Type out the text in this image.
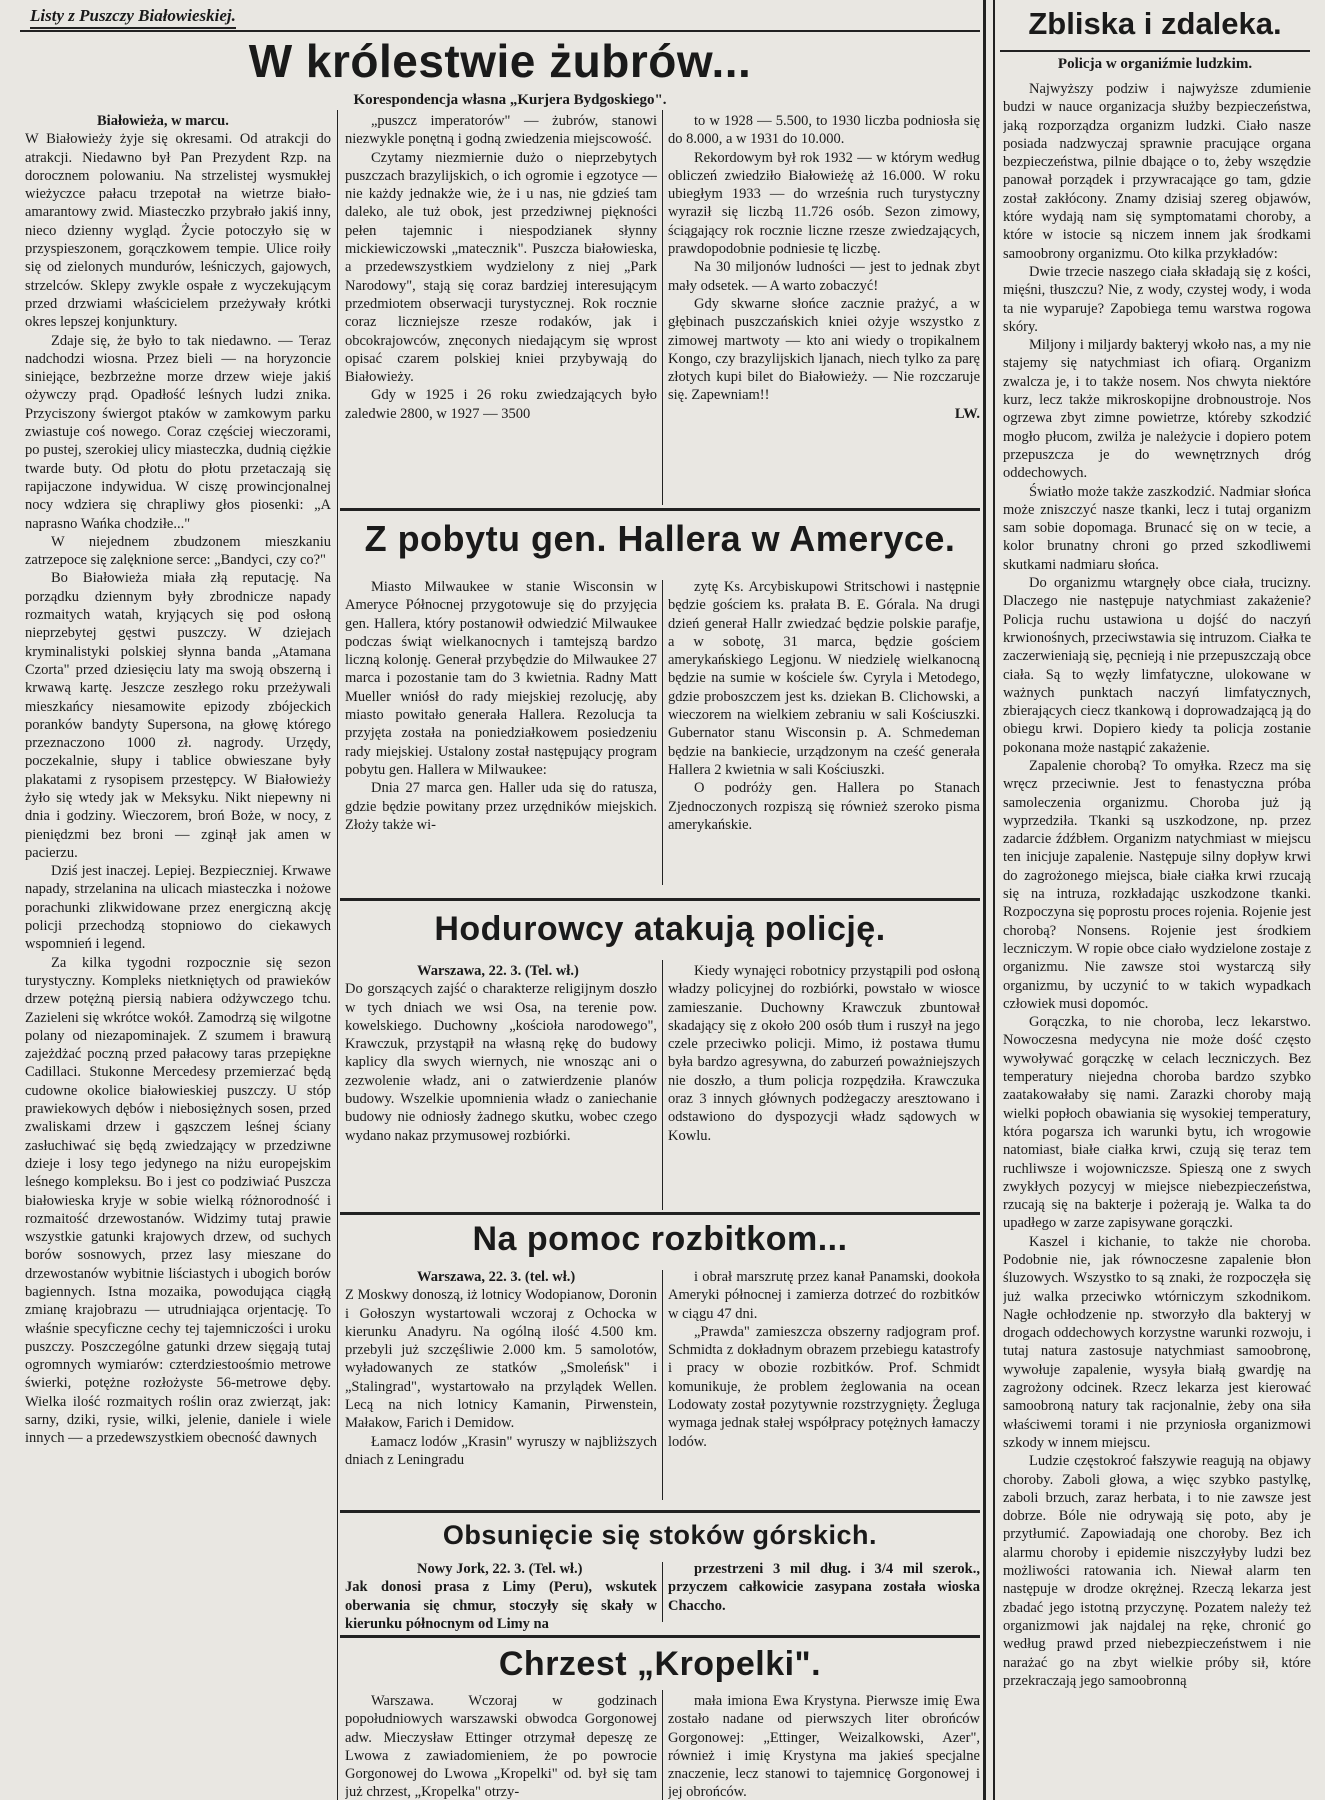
Listy z Puszczy Białowieskiej.
W królestwie żubrów...
Korespondencja własna „Kurjera Bydgoskiego".

Białowieża, w marcu.

W Białowieży żyje się okresami. Od atrakcji do atrakcji. Niedawno był Pan Prezydent Rzp. na dorocznem polowaniu. Na strzelistej wysmukłej wieżyczce pałacu trzepotał na wietrze biało-amarantowy zwid. Miasteczko przybrało jakiś inny, nieco dzienny wygląd. Życie potoczyło się w przyspieszonem, gorączkowem tempie. Ulice roiły się od zielonych mundurów, leśniczych, gajowych, strzelców. Sklepy zwykle ospałe z wyczekującym przed drzwiami właścicielem przeżywały krótki okres lepszej konjunktury.

Zdaje się, że było to tak niedawno. — Teraz nadchodzi wiosna. Przez bieli — na horyzoncie siniejące, bezbrzeżne morze drzew wieje jakiś ożywczy prąd. Opadłość leśnych ludzi znika. Przyciszony świergot ptaków w zamkowym parku zwiastuje coś nowego. Coraz częściej wieczorami, po pustej, szerokiej ulicy miasteczka, dudnią ciężkie twarde buty. Od płotu do płotu przetaczają się rapijaczone indywidua. W ciszę prowincjonalnej nocy wdziera się chrapliwy głos piosenki: „A naprasno Wańka chodziłe..."

W niejednem zbudzonem mieszkaniu zatrzepoce się zalęknione serce: „Bandyci, czy co?"

Bo Białowieża miała złą reputację. Na porządku dziennym były zbrodnicze napady rozmaitych watah, kryjących się pod osłoną nieprzebytej gęstwi puszczy. W dziejach kryminalistyki polskiej słynna banda „Atamana Czorta" przed dziesięciu laty ma swoją obszerną i krwawą kartę. Jeszcze zeszłego roku przeżywali mieszkańcy niesamowite epizody zbójeckich poranków bandyty Supersona, na głowę którego przeznaczono 1000 zł. nagrody. Urzędy, poczekalnie, słupy i tablice obwieszane były plakatami z rysopisem przestępcy. W Białowieży żyło się wtedy jak w Meksyku. Nikt niepewny ni dnia i godziny. Wieczorem, broń Boże, w nocy, z pieniędzmi bez broni — zginął jak amen w pacierzu.

Dziś jest inaczej. Lepiej. Bezpieczniej. Krwawe napady, strzelanina na ulicach miasteczka i nożowe porachunki zlikwidowane przez energiczną akcję policji przechodzą stopniowo do ciekawych wspomnień i legend.

Za kilka tygodni rozpocznie się sezon turystyczny. Kompleks nietkniętych od prawieków drzew potężną piersią nabiera odżywczego tchu. Zazieleni się wkrótce wokół. Zamodrzą się wilgotne polany od niezapominajek. Z szumem i brawurą zajeżdżać poczną przed pałacowy taras przepiękne Cadillaci. Stukonne Mercedesy przemierzać będą cudowne okolice białowieskiej puszczy. U stóp prawiekowych dębów i niebosiężnych sosen, przed zwaliskami drzew i gąszczem leśnej ściany zasłuchiwać się będą zwiedzający w przedziwne dzieje i losy tego jedynego na niżu europejskim leśnego kompleksu. Bo i jest co podziwiać Puszcza białowieska kryje w sobie wielką różnorodność i rozmaitość drzewostanów. Widzimy tutaj prawie wszystkie gatunki krajowych drzew, od suchych borów sosnowych, przez lasy mieszane do drzewostanów wybitnie liściastych i ubogich borów bagiennych. Istna mozaika, powodująca ciągłą zmianę krajobrazu — utrudniająca orjentację. To właśnie specyficzne cechy tej tajemniczości i uroku puszczy. Poszczególne gatunki drzew sięgają tutaj ogromnych wymiarów: czterdziestoośmio metrowe świerki, potężne rozłożyste 56-metrowe dęby. Wielka ilość rozmaitych roślin oraz zwierząt, jak: sarny, dziki, rysie, wilki, jelenie, daniele i wiele innych — a przedewszystkiem obecność dawnych

„puszcz imperatorów" — żubrów, stanowi niezwykle ponętną i godną zwiedzenia miejscowość.

Czytamy niezmiernie dużo o nieprzebytych puszczach brazylijskich, o ich ogromie i egzotyce — nie każdy jednakże wie, że i u nas, nie gdzieś tam daleko, ale tuż obok, jest przedziwnej piękności pełen tajemnic i niespodzianek słynny mickiewiczowski „matecznik". Puszcza białowieska, a przedewszystkiem wydzielony z niej „Park Narodowy", stają się coraz bardziej interesującym przedmiotem obserwacji turystycznej. Rok rocznie coraz liczniejsze rzesze rodaków, jak i obcokrajowców, znęconych niedającym się wprost opisać czarem polskiej kniei przybywają do Białowieży.

Gdy w 1925 i 26 roku zwiedzających było zaledwie 2800, w 1927 — 3500

to w 1928 — 5.500, to 1930 liczba podniosła się do 8.000, a w 1931 do 10.000.

Rekordowym był rok 1932 — w którym według obliczeń zwiedziło Białowieżę aż 16.000. W roku ubiegłym 1933 — do września ruch turystyczny wyraził się liczbą 11.726 osób. Sezon zimowy, ściągający rok rocznie liczne rzesze zwiedzających, prawdopodobnie podniesie tę liczbę.

Na 30 miljonów ludności — jest to jednak zbyt mały odsetek. — A warto zobaczyć!

Gdy skwarne słońce zacznie prażyć, a w głębinach puszczańskich kniei ożyje wszystko z zimowej martwoty — kto ani wiedy o tropikalnem Kongo, czy brazylijskich ljanach, niech tylko za parę złotych kupi bilet do Białowieży. — Nie rozczaruje się. Zapewniam!!

LW.

Z pobytu gen. Hallera w Ameryce.

Miasto Milwaukee w stanie Wisconsin w Ameryce Północnej przygotowuje się do przyjęcia gen. Hallera, który postanowił odwiedzić Milwaukee podczas świąt wielkanocnych i tamtejszą bardzo liczną kolonję. Generał przybędzie do Milwaukee 27 marca i pozostanie tam do 3 kwietnia. Radny Matt Mueller wniósł do rady miejskiej rezolucję, aby miasto powitało generała Hallera. Rezolucja ta przyjęta została na poniedziałkowem posiedzeniu rady miejskiej. Ustalony został następujący program pobytu gen. Hallera w Milwaukee:

Dnia 27 marca gen. Haller uda się do ratusza, gdzie będzie powitany przez urzędników miejskich. Złoży także wi-

zytę Ks. Arcybiskupowi Stritschowi i następnie będzie gościem ks. prałata B. E. Górala. Na drugi dzień generał Hallr zwiedzać będzie polskie parafje, a w sobotę, 31 marca, będzie gościem amerykańskiego Legjonu. W niedzielę wielkanocną będzie na sumie w kościele św. Cyryla i Metodego, gdzie proboszczem jest ks. dziekan B. Clichowski, a wieczorem na wielkiem zebraniu w sali Kościuszki. Gubernator stanu Wisconsin p. A. Schmedeman będzie na bankiecie, urządzonym na cześć generała Hallera 2 kwietnia w sali Kościuszki.

O podróży gen. Hallera po Stanach Zjednoczonych rozpiszą się również szeroko pisma amerykańskie.

Hodurowcy atakują policję.

Warszawa, 22. 3. (Tel. wł.)

Do gorszących zajść o charakterze religijnym doszło w tych dniach we wsi Osa, na terenie pow. kowelskiego. Duchowny „kościoła narodowego", Krawczuk, przystąpił na własną rękę do budowy kaplicy dla swych wiernych, nie wnosząc ani o zezwolenie władz, ani o zatwierdzenie planów budowy. Wszelkie upomnienia władz o zaniechanie budowy nie odniosły żadnego skutku, wobec czego wydano nakaz przymusowej rozbiórki.

Kiedy wynajęci robotnicy przystąpili pod osłoną władzy policyjnej do rozbiórki, powstało w wiosce zamieszanie. Duchowny Krawczuk zbuntował skadający się z około 200 osób tłum i ruszył na jego czele przeciwko policji. Mimo, iż postawa tłumu była bardzo agresywna, do zaburzeń poważniejszych nie doszło, a tłum policja rozpędziła. Krawczuka oraz 3 innych głównych podżegaczy aresztowano i odstawiono do dyspozycji władz sądowych w Kowlu.

Na pomoc rozbitkom...

Warszawa, 22. 3. (tel. wł.)

Z Moskwy donoszą, iż lotnicy Wodopianow, Doronin i Gołoszyn wystartowali wczoraj z Ochocka w kierunku Anadyru. Na ogólną ilość 4.500 km. przebyli już szczęśliwie 2.000 km. 5 samolotów, wyładowanych ze statków „Smoleńsk" i „Stalingrad", wystartowało na przylądek Wellen. Lecą na nich lotnicy Kamanin, Pirwenstein, Małakow, Farich i Demidow.

Łamacz lodów „Krasin" wyruszy w najbliższych dniach z Leningradu

i obrał marszrutę przez kanał Panamski, dookoła Ameryki północnej i zamierza dotrzeć do rozbitków w ciągu 47 dni.

„Prawda" zamieszcza obszerny radjogram prof. Schmidta z dokładnym obrazem przebiegu katastrofy i pracy w obozie rozbitków. Prof. Schmidt komunikuje, że problem żeglowania na ocean Lodowaty został pozytywnie rozstrzygnięty. Żegluga wymaga jednak stałej współpracy potężnych łamaczy lodów.

Obsunięcie się stoków górskich.

Nowy Jork, 22. 3. (Tel. wł.)

Jak donosi prasa z Limy (Peru), wskutek oberwania się chmur, stoczyły się skały w kierunku północnym od Limy na

przestrzeni 3 mil dług. i 3/4 mil szerok., przyczem całkowicie zasypana została wioska Chaccho.

Chrzest „Kropelki".

Warszawa. Wczoraj w godzinach popołudniowych warszawski obwodca Gorgonowej adw. Mieczysław Ettinger otrzymał depeszę ze Lwowa z zawiadomieniem, że po powrocie Gorgonowej do Lwowa „Kropelki" od. był się tam już chrzest, „Kropelka" otrzy-

mała imiona Ewa Krystyna. Pierwsze imię Ewa zostało nadane od pierwszych liter obrońców Gorgonowej: „Ettinger, Weizalkowski, Azer", również i imię Krystyna ma jakieś specjalne znaczenie, lecz stanowi to tajemnicę Gorgonowej i jej obrońców.

Zbliska i zdaleka.
Policja w organiźmie ludzkim.

Najwyższy podziw i najwyższe zdumienie budzi w nauce organizacja służby bezpieczeństwa, jaką rozporządza organizm ludzki. Ciało nasze posiada nadzwyczaj sprawnie pracujące organa bezpieczeństwa, pilnie dbające o to, żeby wszędzie panował porządek i przywracające go tam, gdzie został zakłócony. Znamy dzisiaj szereg objawów, które wydają nam się symptomatami choroby, a które w istocie są niczem innem jak środkami samoobrony organizmu. Oto kilka przykładów:

Dwie trzecie naszego ciała składają się z kości, mięśni, tłuszczu? Nie, z wody, czystej wody, i woda ta nie wyparuje? Zapobiega temu warstwa rogowa skóry.

Miljony i miljardy bakteryj wkoło nas, a my nie stajemy się natychmiast ich ofiarą. Organizm zwalcza je, i to także nosem. Nos chwyta niektóre kurz, lecz także mikroskopijne drobnoustroje. Nos ogrzewa zbyt zimne powietrze, któreby szkodzić mogło płucom, zwilża je należycie i dopiero potem przepuszcza je do wewnętrznych dróg oddechowych.

Światło może także zaszkodzić. Nadmiar słońca może zniszczyć nasze tkanki, lecz i tutaj organizm sam sobie dopomaga. Brunacć się on w tecie, a kolor brunatny chroni go przed szkodliwemi skutkami nadmiaru słońca.

Do organizmu wtargnęły obce ciała, trucizny. Dlaczego nie następuje natychmiast zakażenie? Policja ruchu ustawiona u dojść do naczyń krwionośnych, przeciwstawia się intruzom. Ciałka te zaczerwieniają się, pęcnieją i nie przepuszczają obce ciała. Są to węzły limfatyczne, ulokowane w ważnych punktach naczyń limfatycznych, zbierających ciecz tkankową i doprowadzającą ją do obiegu krwi. Dopiero kiedy ta policja zostanie pokonana może nastąpić zakażenie.

Zapalenie chorobą? To omyłka. Rzecz ma się wręcz przeciwnie. Jest to fenastyczna próba samoleczenia organizmu. Choroba już ją wyprzedziła. Tkanki są uszkodzone, np. przez zadarcie źdźbłem. Organizm natychmiast w miejscu ten inicjuje zapalenie. Następuje silny dopływ krwi do zagrożonego miejsca, białe ciałka krwi rzucają się na intruza, rozkładając uszkodzone tkanki. Rozpoczyna się poprostu proces rojenia. Rojenie jest chorobą? Nonsens. Rojenie jest środkiem leczniczym. W ropie obce ciało wydzielone zostaje z organizmu. Nie zawsze stoi wystarczą siły organizmu, by uczynić to w takich wypadkach człowiek musi dopomóc.

Gorączka, to nie choroba, lecz lekarstwo. Nowoczesna medycyna nie może dość często wywoływać gorączkę w celach leczniczych. Bez temperatury niejedna choroba bardzo szybko zaatakowałaby się nami. Zarazki choroby mają wielki popłoch obawiania się wysokiej temperatury, która pogarsza ich warunki bytu, ich wrogowie natomiast, białe ciałka krwi, czują się teraz tem ruchliwsze i wojowniczsze. Spieszą one z swych zwykłych pozycyj w miejsce niebezpieczeństwa, rzucają się na bakterje i pożerają je. Walka ta do upadłego w zarze zapisywane gorączki.

Kaszel i kichanie, to także nie choroba. Podobnie nie, jak równoczesne zapalenie błon śluzowych. Wszystko to są znaki, że rozpoczęła się już walka przeciwko wtórniczym szkodnikom. Nagłe ochłodzenie np. stworzyło dla bakteryj w drogach oddechowych korzystne warunki rozwoju, i tutaj natura zastosuje natychmiast samoobronę, wywołuje zapalenie, wysyła białą gwardję na zagrożony odcinek. Rzecz lekarza jest kierować samoobroną natury tak racjonalnie, żeby ona siła właściwemi torami i nie przyniosła organizmowi szkody w innem miejscu.

Ludzie częstokroć fałszywie reagują na objawy choroby. Zaboli głowa, a więc szybko pastylkę, zaboli brzuch, zaraz herbata, i to nie zawsze jest dobrze. Bóle nie odrywają się poto, aby je przytłumić. Zapowiadają one choroby. Bez ich alarmu choroby i epidemie niszczyłyby ludzi bez możliwości ratowania ich. Niewał alarm ten następuje w drodze okrężnej. Rzeczą lekarza jest zbadać jego istotną przyczynę. Pozatem należy też organizmowi jak najdalej na ręke, chronić go według prawd przed niebezpieczeństwem i nie narażać go na zbyt wielkie próby sił, które przekraczają jego samoobronną
